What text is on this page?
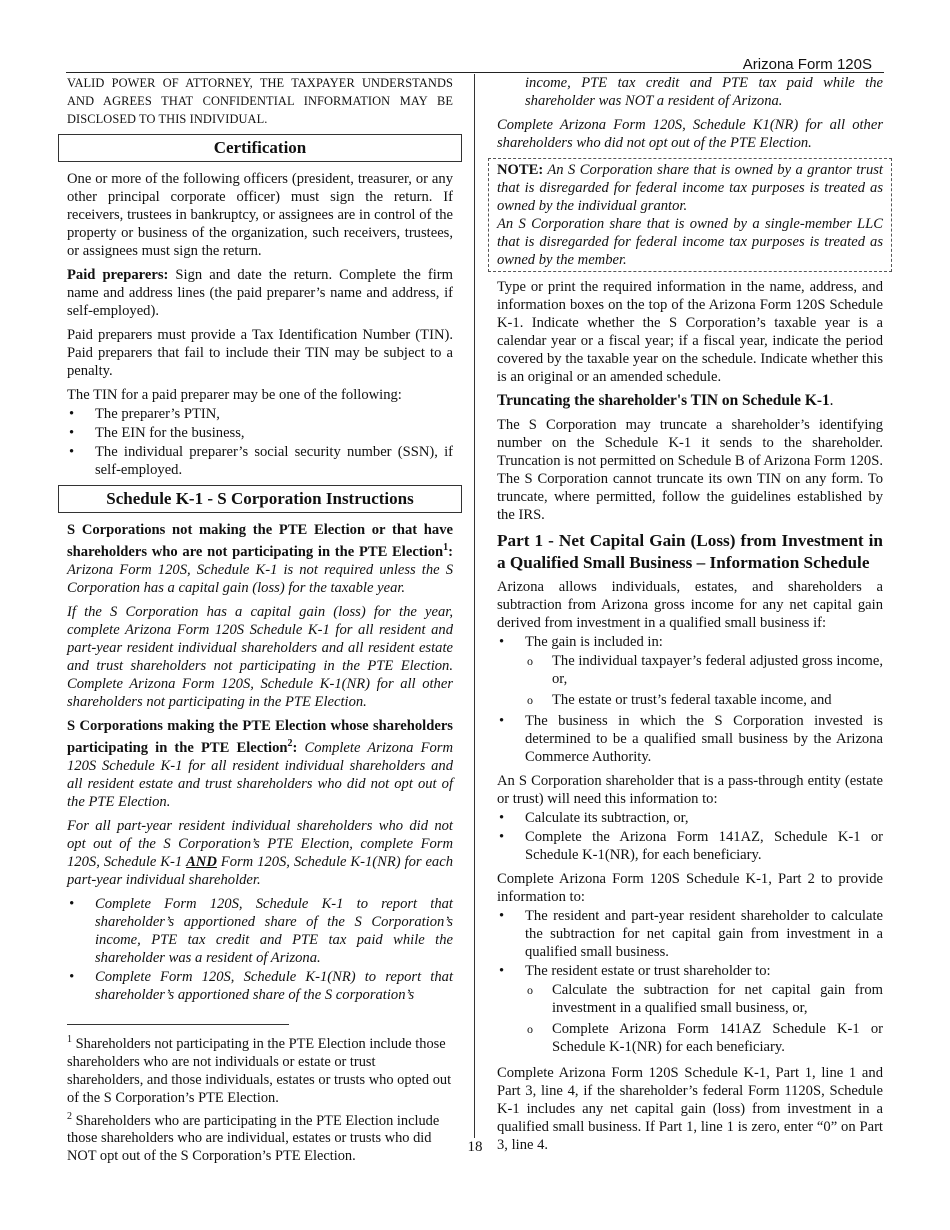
Arizona Form 120S

VALID POWER OF ATTORNEY, THE TAXPAYER UNDERSTANDS AND AGREES THAT CONFIDENTIAL INFORMATION MAY BE DISCLOSED TO THIS INDIVIDUAL.

Certification

One or more of the following officers (president, treasurer, or any other principal corporate officer) must sign the return. If receivers, trustees in bankruptcy, or assignees are in control of the property or business of the organization, such receivers, trustees, or assignees must sign the return.

Paid preparers: Sign and date the return. Complete the firm name and address lines (the paid preparer’s name and address, if self-employed).

Paid preparers must provide a Tax Identification Number (TIN). Paid preparers that fail to include their TIN may be subject to a penalty.

The TIN for a paid preparer may be one of the following:

• The preparer’s PTIN,
• The EIN for the business,
• The individual preparer’s social security number (SSN), if self-employed.
Schedule K-1 - S Corporation Instructions

S Corporations not making the PTE Election or that have shareholders who are not participating in the PTE Election$^1$: Arizona Form 120S, Schedule K-1 is not required unless the S Corporation has a capital gain (loss) for the taxable year.

If the S Corporation has a capital gain (loss) for the year, complete Arizona Form 120S Schedule K-1 for all resident and part-year resident individual shareholders and all resident estate and trust shareholders not participating in the PTE Election. Complete Arizona Form 120S, Schedule K-1(NR) for all other shareholders not participating in the PTE Election.

S Corporations making the PTE Election whose shareholders participating in the PTE Election$^2$: Complete Arizona Form 120S Schedule K-1 for all resident individual shareholders and all resident estate and trust shareholders who did not opt out of the PTE Election.

For all part-year resident individual shareholders who did not opt out of the S Corporation’s PTE Election, complete Form 120S, Schedule K-1 AND Form 120S, Schedule K-1(NR) for each part-year individual shareholder.

• Complete Form 120S, Schedule K-1 to report that shareholder’s apportioned share of the S Corporation’s income, PTE tax credit and PTE tax paid while the shareholder was a resident of Arizona.
• Complete Form 120S, Schedule K-1(NR) to report that shareholder’s apportioned share of the S corporation’s

$^1$ Shareholders not participating in the PTE Election include those shareholders who are not individuals or estate or trust shareholders, and those individuals, estates or trusts who opted out of the S Corporation’s PTE Election.

$^2$ Shareholders who are participating in the PTE Election include those shareholders who are individual, estates or trusts who did NOT opt out of the S Corporation’s PTE Election.

income, PTE tax credit and PTE tax paid while the shareholder was NOT a resident of Arizona.

Complete Arizona Form 120S, Schedule K1(NR) for all other shareholders who did not opt out of the PTE Election.

NOTE: An S Corporation share that is owned by a grantor trust that is disregarded for federal income tax purposes is treated as owned by the individual grantor.
An S Corporation share that is owned by a single-member LLC that is disregarded for federal income tax purposes is treated as owned by the member.

Type or print the required information in the name, address, and information boxes on the top of the Arizona Form 120S Schedule K-1. Indicate whether the S Corporation’s taxable year is a calendar year or a fiscal year; if a fiscal year, indicate the period covered by the taxable year on the schedule. Indicate whether this is an original or an amended schedule.

Truncating the shareholder's TIN on Schedule K-1.

The S Corporation may truncate a shareholder’s identifying number on the Schedule K-1 it sends to the shareholder. Truncation is not permitted on Schedule B of Arizona Form 120S. The S Corporation cannot truncate its own TIN on any form. To truncate, where permitted, follow the guidelines established by the IRS.

Part 1 - Net Capital Gain (Loss) from Investment in a Qualified Small Business – Information Schedule

Arizona allows individuals, estates, and shareholders a subtraction from Arizona gross income for any net capital gain derived from investment in a qualified small business if:

• The gain is included in:
o The individual taxpayer’s federal adjusted gross income, or,
o The estate or trust’s federal taxable income, and
• The business in which the S Corporation invested is determined to be a qualified small business by the Arizona Commerce Authority.

An S Corporation shareholder that is a pass-through entity (estate or trust) will need this information to:

• Calculate its subtraction, or,
• Complete the Arizona Form 141AZ, Schedule K-1 or Schedule K-1(NR), for each beneficiary.

Complete Arizona Form 120S Schedule K-1, Part 2 to provide information to:

• The resident and part-year resident shareholder to calculate the subtraction for net capital gain from investment in a qualified small business.
• The resident estate or trust shareholder to:
o Calculate the subtraction for net capital gain from investment in a qualified small business, or,
o Complete Arizona Form 141AZ Schedule K-1 or Schedule K-1(NR) for each beneficiary.

Complete Arizona Form 120S Schedule K-1, Part 1, line 1 and Part 3, line 4, if the shareholder’s federal Form 1120S, Schedule K-1 includes any net capital gain (loss) from investment in a qualified small business. If Part 1, line 1 is zero, enter “0” on Part 3, line 4.

18
